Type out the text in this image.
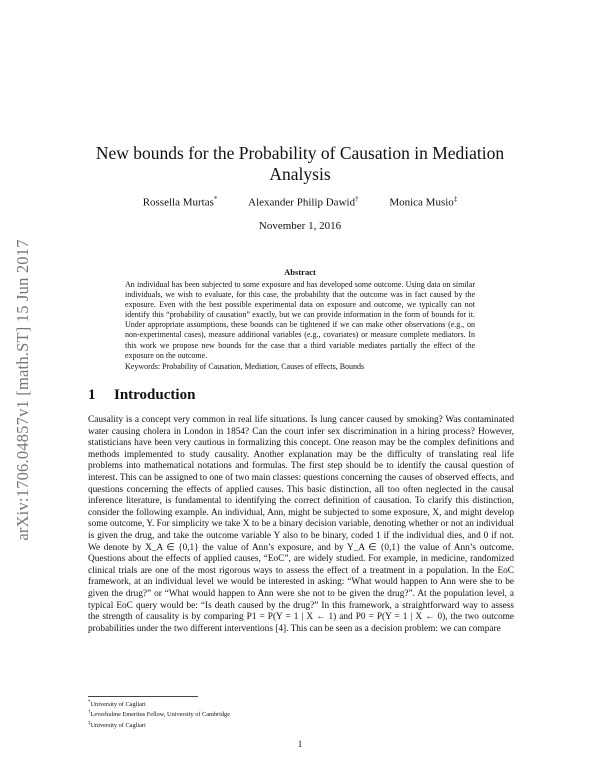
arXiv:1706.04857v1 [math.ST] 15 Jun 2017
New bounds for the Probability of Causation in Mediation Analysis
Rossella Murtas*	Alexander Philip Dawid†	Monica Musio‡
November 1, 2016
Abstract
An individual has been subjected to some exposure and has developed some outcome. Using data on similar individuals, we wish to evaluate, for this case, the probability that the outcome was in fact caused by the exposure. Even with the best possible experimental data on exposure and outcome, we typically can not identify this “probability of causation” exactly, but we can provide information in the form of bounds for it. Under appropriate assumptions, these bounds can be tightened if we can make other observations (e.g., on non-experimental cases), measure additional variables (e.g., covariates) or measure complete mediators. In this work we propose new bounds for the case that a third variable mediates partially the effect of the exposure on the outcome.
Keywords: Probability of Causation, Mediation, Causes of effects, Bounds
1 Introduction
Causality is a concept very common in real life situations. Is lung cancer caused by smoking? Was contaminated water causing cholera in London in 1854? Can the court infer sex discrimination in a hiring process? However, statisticians have been very cautious in formalizing this concept. One reason may be the complex definitions and methods implemented to study causality. Another explanation may be the difficulty of translating real life problems into mathematical notations and formulas. The first step should be to identify the causal question of interest. This can be assigned to one of two main classes: questions concerning the causes of observed effects, and questions concerning the effects of applied causes. This basic distinction, all too often neglected in the causal inference literature, is fundamental to identifying the correct definition of causation. To clarify this distinction, consider the following example. An individual, Ann, might be subjected to some exposure, X, and might develop some outcome, Y. For simplicity we take X to be a binary decision variable, denoting whether or not an individual is given the drug, and take the outcome variable Y also to be binary, coded 1 if the individual dies, and 0 if not. We denote by X_A ∈ {0,1} the value of Ann’s exposure, and by Y_A ∈ {0,1} the value of Ann’s outcome. Questions about the effects of applied causes, “EoC”, are widely studied. For example, in medicine, randomized clinical trials are one of the most rigorous ways to assess the effect of a treatment in a population. In the EoC framework, at an individual level we would be interested in asking: “What would happen to Ann were she to be given the drug?” or “What would happen to Ann were she not to be given the drug?”. At the population level, a typical EoC query would be: “Is death caused by the drug?” In this framework, a straightforward way to assess the strength of causality is by comparing P1 = P(Y = 1 | X ← 1) and P0 = P(Y = 1 | X ← 0), the two outcome probabilities under the two different interventions [4]. This can be seen as a decision problem: we can compare
*University of Cagliari
†Leverhulme Emeritus Fellow, University of Cambridge
‡University of Cagliari
1
